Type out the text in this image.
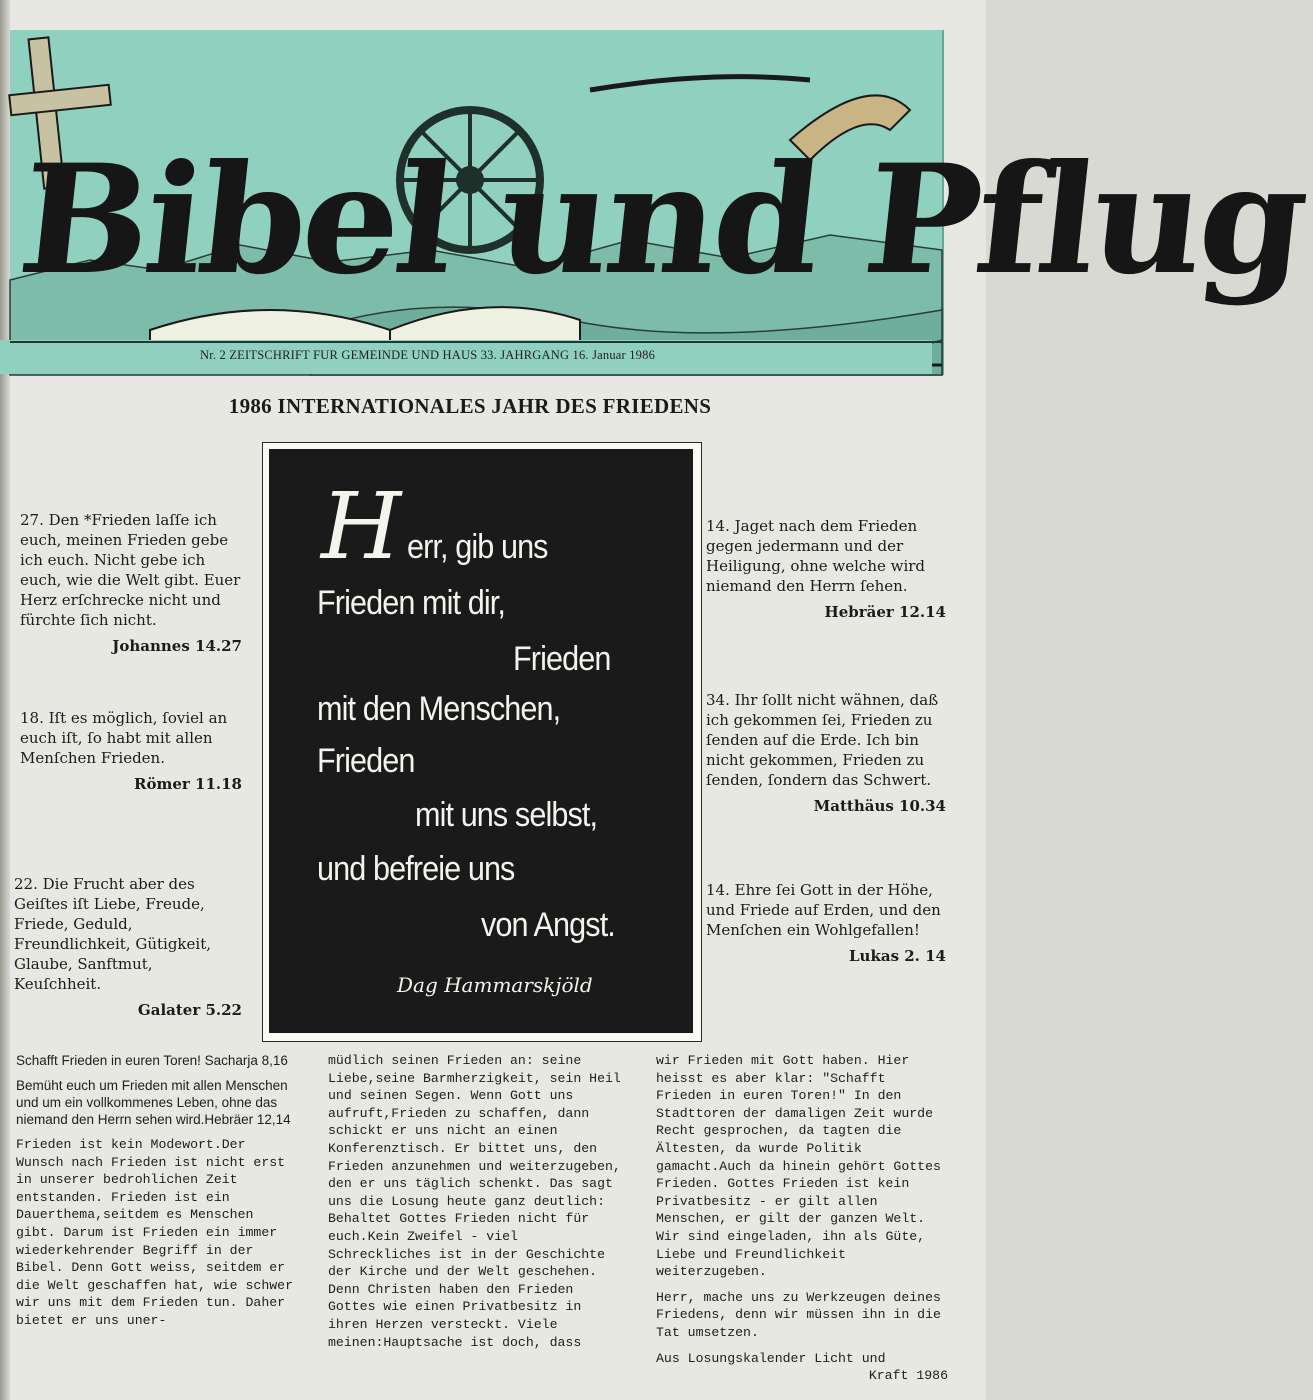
Bibel und Pflug
Nr. 2 ZEITSCHRIFT FUR GEMEINDE UND HAUS 33. JAHRGANG 16. Januar 1986
1986 INTERNATIONALES JAHR DES FRIEDENS
27. Den *Frieden laſſe ich euch, meinen Frieden gebe ich euch. Nicht gebe ich euch, wie die Welt gibt. Euer Herz erſchrecke nicht und fürchte ſich nicht.
Johannes 14.27
18. Iſt es möglich, ſoviel an euch iſt, ſo habt mit allen Menſchen Frieden.
Römer 11.18
22. Die Frucht aber des Geiſtes iſt Liebe, Freude, Friede, Geduld, Freundlichkeit, Gütigkeit, Glaube, Sanftmut, Keuſchheit.
Galater 5.22
H err, gib uns
Frieden mit dir,
Frieden
mit den Menschen,
Frieden
mit uns selbst,
und befreie uns
von Angst.
Dag Hammarskjöld
14. Jaget nach dem Frieden gegen jedermann und der Heiligung, ohne welche wird niemand den Herrn ſehen.
Hebräer 12.14
34. Ihr ſollt nicht wähnen, daß ich gekommen ſei, Frieden zu ſenden auf die Erde. Ich bin nicht gekommen, Frieden zu ſenden, ſondern das Schwert.
Matthäus 10.34
14. Ehre ſei Gott in der Höhe, und Friede auf Erden, und den Menſchen ein Wohlgefallen!
Lukas 2. 14

Schafft Frieden in euren Toren! Sacharja 8,16

Bemüht euch um Frieden mit allen Menschen und um ein vollkommenes Leben, ohne das niemand den Herrn sehen wird.Hebräer 12,14

Frieden ist kein Modewort.Der Wunsch nach Frieden ist nicht erst in unserer bedrohlichen Zeit entstanden. Frieden ist ein Dauerthema,seitdem es Menschen gibt. Darum ist Frieden ein immer wiederkehrender Begriff in der Bibel. Denn Gott weiss, seitdem er die Welt geschaffen hat, wie schwer wir uns mit dem Frieden tun. Daher bietet er uns uner-

müdlich seinen Frieden an: seine Liebe,seine Barmherzigkeit, sein Heil und seinen Segen. Wenn Gott uns aufruft,Frieden zu schaffen, dann schickt er uns nicht an einen Konferenztisch. Er bittet uns, den Frieden anzunehmen und weiterzugeben, den er uns täglich schenkt. Das sagt uns die Losung heute ganz deutlich: Behaltet Gottes Frieden nicht für euch.Kein Zweifel - viel Schreckliches ist in der Geschichte der Kirche und der Welt geschehen. Denn Christen haben den Frieden Gottes wie einen Privatbesitz in ihren Herzen versteckt. Viele meinen:Hauptsache ist doch, dass

wir Frieden mit Gott haben. Hier heisst es aber klar: "Schafft Frieden in euren Toren!" In den Stadttoren der damaligen Zeit wurde Recht gesprochen, da tagten die Ältesten, da wurde Politik gamacht.Auch da hinein gehört Gottes Frieden. Gottes Frieden ist kein Privatbesitz - er gilt allen Menschen, er gilt der ganzen Welt. Wir sind eingeladen, ihn als Güte, Liebe und Freundlichkeit weiterzugeben.

Herr, mache uns zu Werkzeugen deines Friedens, denn wir müssen ihn in die Tat umsetzen.

Aus Losungskalender Licht und

Kraft 1986
